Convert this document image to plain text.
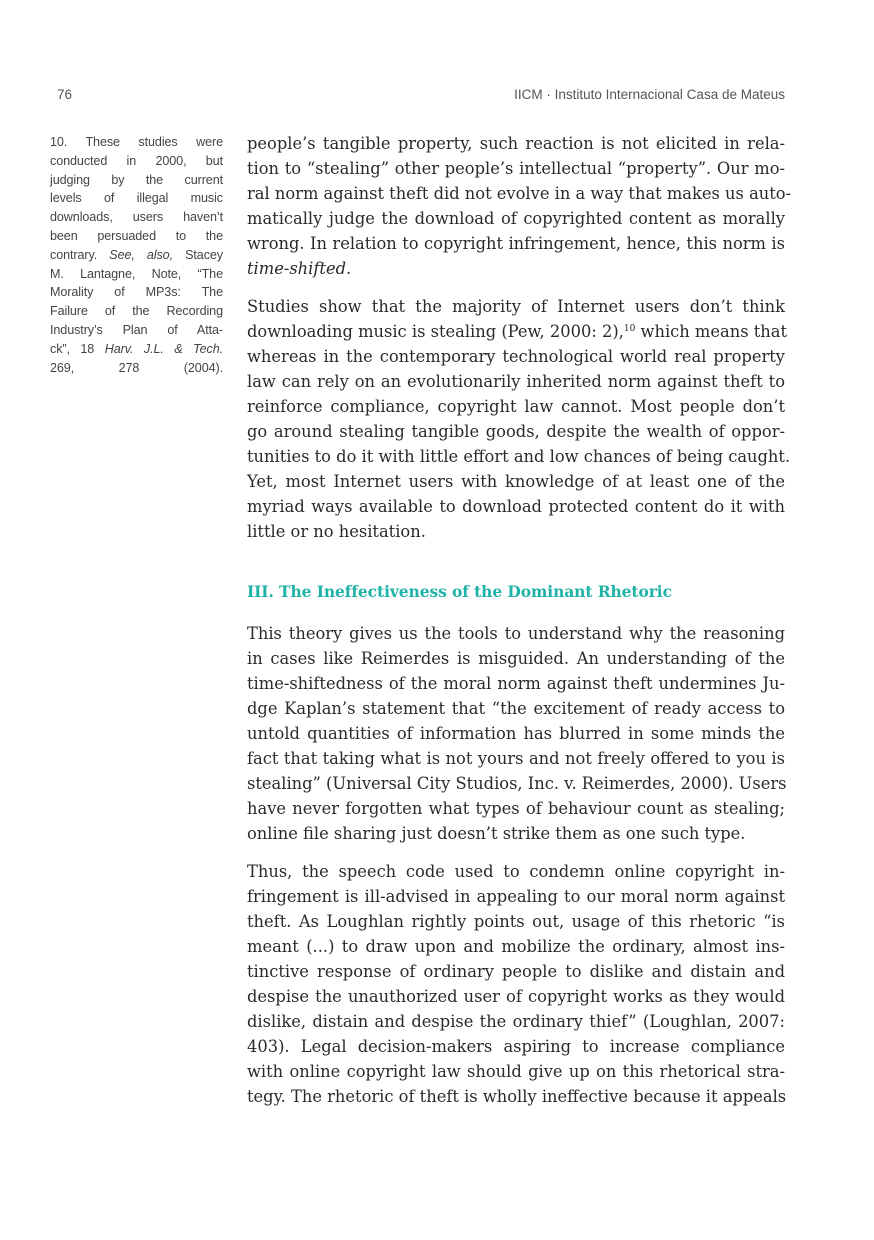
76	IICM · Instituto Internacional Casa de Mateus
10. These studies were
conducted in 2000, but
judging by the current
levels of illegal music
downloads, users haven’t
been persuaded to the
contrary. See, also, Stacey
M. Lantagne, Note, “The
Morality of MP3s: The
Failure of the Recording
Industry’s Plan of Atta-
ck”, 18 Harv. J.L. & Tech.
269, 278 (2004).
people’s tangible property, such reaction is not elicited in rela-
tion to “stealing” other people’s intellectual “property”. Our mo-
ral norm against theft did not evolve in a way that makes us auto-
matically judge the download of copyrighted content as morally
wrong. In relation to copyright infringement, hence, this norm is
time-shifted.
Studies show that the majority of Internet users don’t think
downloading music is stealing (Pew, 2000: 2),$^{10}$ which means that
whereas in the contemporary technological world real property
law can rely on an evolutionarily inherited norm against theft to
reinforce compliance, copyright law cannot. Most people don’t
go around stealing tangible goods, despite the wealth of oppor-
tunities to do it with little effort and low chances of being caught.
Yet, most Internet users with knowledge of at least one of the
myriad ways available to download protected content do it with
little or no hesitation.
III. The Ineffectiveness of the Dominant Rhetoric
This theory gives us the tools to understand why the reasoning
in cases like Reimerdes is misguided. An understanding of the
time-shiftedness of the moral norm against theft undermines Ju-
dge Kaplan’s statement that “the excitement of ready access to
untold quantities of information has blurred in some minds the
fact that taking what is not yours and not freely offered to you is
stealing” (Universal City Studios, Inc. v. Reimerdes, 2000). Users
have never forgotten what types of behaviour count as stealing;
online file sharing just doesn’t strike them as one such type.
Thus, the speech code used to condemn online copyright in-
fringement is ill-advised in appealing to our moral norm against
theft. As Loughlan rightly points out, usage of this rhetoric “is
meant (...) to draw upon and mobilize the ordinary, almost ins-
tinctive response of ordinary people to dislike and distain and
despise the unauthorized user of copyright works as they would
dislike, distain and despise the ordinary thief” (Loughlan, 2007:
403). Legal decision-makers aspiring to increase compliance
with online copyright law should give up on this rhetorical stra-
tegy. The rhetoric of theft is wholly ineffective because it appeals
